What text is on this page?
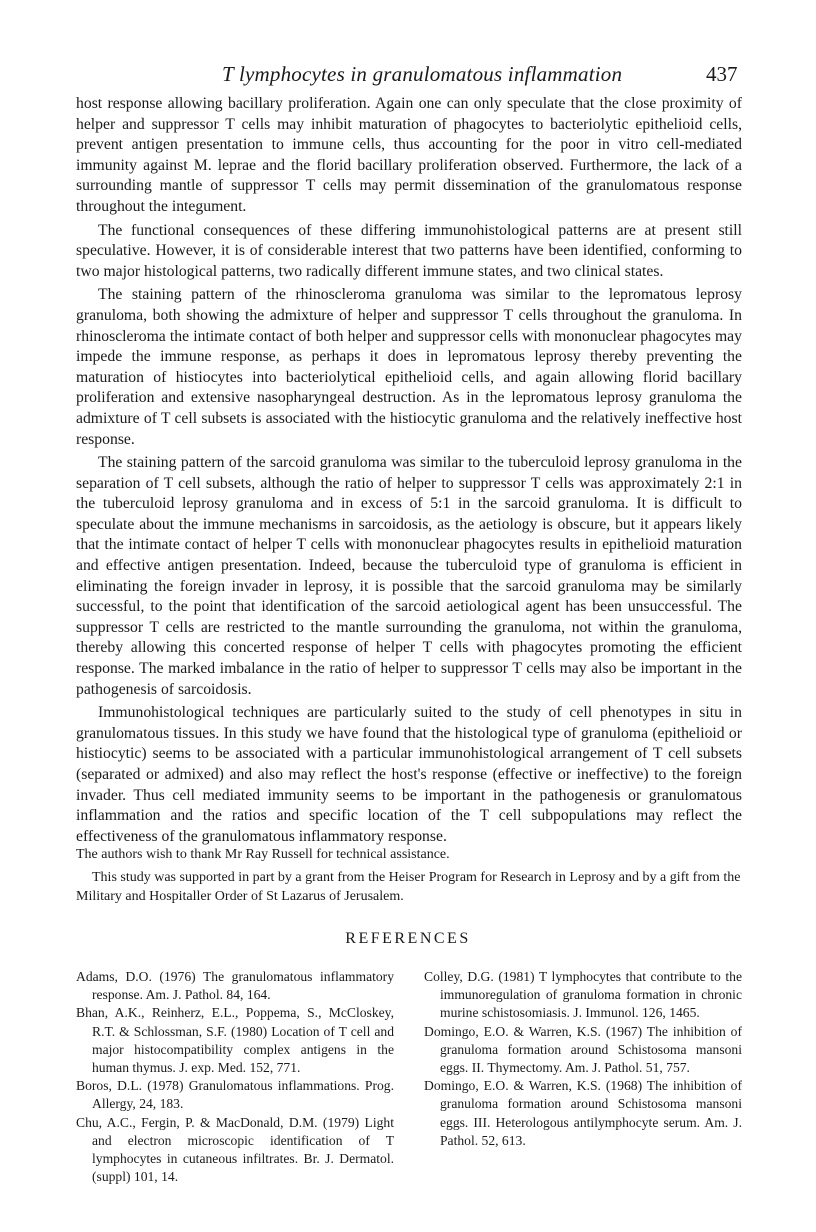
T lymphocytes in granulomatous inflammation	437

host response allowing bacillary proliferation. Again one can only speculate that the close proximity of helper and suppressor T cells may inhibit maturation of phagocytes to bacteriolytic epithelioid cells, prevent antigen presentation to immune cells, thus accounting for the poor in vitro cell-mediated immunity against M. leprae and the florid bacillary proliferation observed. Furthermore, the lack of a surrounding mantle of suppressor T cells may permit dissemination of the granulomatous response throughout the integument.

The functional consequences of these differing immunohistological patterns are at present still speculative. However, it is of considerable interest that two patterns have been identified, conforming to two major histological patterns, two radically different immune states, and two clinical states.

The staining pattern of the rhinoscleroma granuloma was similar to the lepromatous leprosy granuloma, both showing the admixture of helper and suppressor T cells throughout the granuloma. In rhinoscleroma the intimate contact of both helper and suppressor cells with mononuclear phagocytes may impede the immune response, as perhaps it does in lepromatous leprosy thereby preventing the maturation of histiocytes into bacteriolytical epithelioid cells, and again allowing florid bacillary proliferation and extensive nasopharyngeal destruction. As in the lepromatous leprosy granuloma the admixture of T cell subsets is associated with the histiocytic granuloma and the relatively ineffective host response.

The staining pattern of the sarcoid granuloma was similar to the tuberculoid leprosy granuloma in the separation of T cell subsets, although the ratio of helper to suppressor T cells was approximately 2:1 in the tuberculoid leprosy granuloma and in excess of 5:1 in the sarcoid granuloma. It is difficult to speculate about the immune mechanisms in sarcoidosis, as the aetiology is obscure, but it appears likely that the intimate contact of helper T cells with mononuclear phagocytes results in epithelioid maturation and effective antigen presentation. Indeed, because the tuberculoid type of granuloma is efficient in eliminating the foreign invader in leprosy, it is possible that the sarcoid granuloma may be similarly successful, to the point that identification of the sarcoid aetiological agent has been unsuccessful. The suppressor T cells are restricted to the mantle surrounding the granuloma, not within the granuloma, thereby allowing this concerted response of helper T cells with phagocytes promoting the efficient response. The marked imbalance in the ratio of helper to suppressor T cells may also be important in the pathogenesis of sarcoidosis.

Immunohistological techniques are particularly suited to the study of cell phenotypes in situ in granulomatous tissues. In this study we have found that the histological type of granuloma (epithelioid or histiocytic) seems to be associated with a particular immunohistological arrangement of T cell subsets (separated or admixed) and also may reflect the host's response (effective or ineffective) to the foreign invader. Thus cell mediated immunity seems to be important in the pathogenesis or granulomatous inflammation and the ratios and specific location of the T cell subpopulations may reflect the effectiveness of the granulomatous inflammatory response.

The authors wish to thank Mr Ray Russell for technical assistance.

This study was supported in part by a grant from the Heiser Program for Research in Leprosy and by a gift from the Military and Hospitaller Order of St Lazarus of Jerusalem.

REFERENCES
Adams, D.O. (1976) The granulomatous inflammatory response. Am. J. Pathol. 84, 164.
Bhan, A.K., Reinherz, E.L., Poppema, S., McCloskey, R.T. & Schlossman, S.F. (1980) Location of T cell and major histocompatibility complex antigens in the human thymus. J. exp. Med. 152, 771.
Boros, D.L. (1978) Granulomatous inflammations. Prog. Allergy, 24, 183.
Chu, A.C., Fergin, P. & MacDonald, D.M. (1979) Light and electron microscopic identification of T lymphocytes in cutaneous infiltrates. Br. J. Dermatol. (suppl) 101, 14.
Colley, D.G. (1981) T lymphocytes that contribute to the immunoregulation of granuloma formation in chronic murine schistosomiasis. J. Immunol. 126, 1465.
Domingo, E.O. & Warren, K.S. (1967) The inhibition of granuloma formation around Schistosoma mansoni eggs. II. Thymectomy. Am. J. Pathol. 51, 757.
Domingo, E.O. & Warren, K.S. (1968) The inhibition of granuloma formation around Schistosoma mansoni eggs. III. Heterologous antilymphocyte serum. Am. J. Pathol. 52, 613.
